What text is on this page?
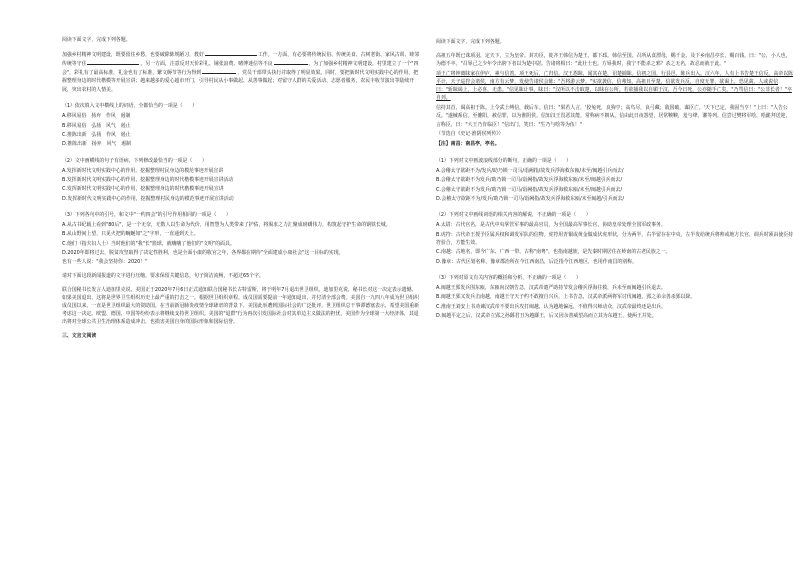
阅读下面文字，完成下列各题。

加强乡村精神文明建设，既要留住乡愁，也要破除陈规陋习，教好	工作。一方面，有必要将传统民俗、传统美食、古树老街、家风古训、睦邻传统等守住	。另一方面，注意反对天价彩礼、铺张浪费、赌博迷信等不良	。为了加强乡村精神文明建设，村里建立了一个"四会"，彩礼有了最高标准，礼金也有了标准，繁文缛节等行为得到	，党员干部带头执行并取得了明显效果。同时，要把新时代文明实践中心的作用，把握整理身边的时代楷模等开展宣讲；越来越多的爱心超市开门，引导村民从小事做起、从善事做起；对留守人群的关爱活动、志愿者服务、农民丰收节演出等陆续开展，突出农村的人情美。

（1）依次填入文中横线上的词语，全都恰当的一项是（　　）

A.移风易俗　扬弃　作风　遏制

B.移风易俗　弘扬　风气　遏止

C.推陈出新　弘扬　作风　遏止

D.推陈出新　扬弃　风气　遏制

（2）文中画横线的句子有语病，下列修改最恰当的一项是（　　）

A.发挥新时代文明实践中心的作用，挖掘整理村民身边的模范事迹开展宣讲

B.发挥新时代文明实践中心的作用，挖掘整理身边的时代楷模事迹开展宣讲活动

C.发挥新时代文明实践中心的作用，挖掘整理身边的时代楷模事迹开展宣讲

D.发挥新时代文明实践中心的作用，挖掘整理村民身边的模范事迹开展宣讲活动

（3）下列各句中的引号，和文中"一约四会"的引号作用相同的一项是（　　）

A.从古书纪载上看到"80后"，是一个无奈，无数人以生命为代价，用智慧为人类带来了护佑，将渴求之力汇聚成磅礴伟力，构筑起守护生命的钢铁长城。

B.从山野间上望，只见火把的蜿蜒如"之"字形，一直通到天上。

C.他们（指夫妇人士）当时他们的"我"长"篮球，就嚷嚷了他们的"文明"的面具。

D.2020年即将过去，脱贫攻坚取得了决定性胜利，也是全面小康的收官之年，各界都在期待"全面建成小康社会"这一目标的实现。

也有一些人说："我会坚持你：2020！"

请对下面这段新闻报道的文字进行压缩，要求保留关键信息，句子简洁流畅，不超过65个字。

联合国秘书长发言人迪加里克说，美国正于2020年7月6日正式通知联合国秘书长古特雷斯，将于明年7月退出世卫组织。迪加里克说，秘书长对这一决定表示遗憾。如果美国退出，这将是世界卫生组织历史上最严重的打击之一。根据世卫组织章程，成员国需要提前一年通知退出，并付清全部会费。美国自一九四八年成为世卫组织成员国以来，一直是世卫组织最大的资助国。在当前新冠肺炎疫情全球肆虐的背景下，美国此举遭到国际社会的广泛批评。世卫组织总干事谭德塞表示，希望美国重新考虑这一决定。欧盟、德国、中国等纷纷表示将继续支持世卫组织。美国的"退群"行为再次引发国际社会对其单边主义做法的担忧，美国作为全球第一大经济体，其退出将对全球公共卫生治理体系造成冲击，也损害美国自身的国际形象和国际信誉。

三、文言文阅读

阅读下面文字，完成下列各题。

高祖五年既已诛项羽，定天下，立为皇帝。封功臣，徙齐王韩信为楚王，都下邳。韩信至国，召所从食漂母，赐千金。及下乡南昌亭长，赐百钱，曰："公，小人也，为德不卒。"召辱己之少年令出胯下者以为楚中尉。告诸将相曰："此壮士也。方辱我时，我宁不能杀之邪？杀之无名，故忍而就于此。"

项王亡将钟离眜家在伊庐，素与信善。项王死后，亡归信。汉王怨眜，闻其在楚，诏楚捕眜。信初之国，行县邑，陈兵出入。汉六年，人有上书告楚王信反。高帝以陈平计，天子巡狩会诸侯，南方有云梦，发使告诸侯会陈："吾将游云梦。"实欲袭信，信弗知。高祖且至楚，信欲发兵反，自度无罪，欲谒上，恐见禽。人或说信曰："斩眜谒上，上必喜，无患。"信见眜计事。眜曰："汉所以不击取楚，以眜在公所。若欲捕我以自媚于汉，吾今日死，公亦随手亡矣。"乃骂信曰："公非长者！"卒自刭。

信持其首，谒高祖于陈。上令武士缚信，载后车。信曰："果若人言，'狡兔死，良狗亨；高鸟尽，良弓藏；敌国破，谋臣亡。'天下已定，我固当亨！"上曰："人告公反。"遂械系信。至雒阳，赦信罪，以为淮阴侯。信知汉王畏恶其能，常称病不朝从。信由此日夜怨望，居常鞅鞅，羞与绛、灌等列。信尝过樊将军哙，哙跪拜送迎，言称臣，曰："大王乃肯临臣！"信出门，笑曰："生乃与哙等为伍！"

（节选自《史记·淮阴侯列传》）

【注】南昌：南昌亭，亭名。

（1）下列对文中画波浪线部分的断句，正确的一项是（　　）

A.会稽太守欲距不为/发兵/助乃锁一司马/诣阙指/故发兵浮海救东瓯/未至/闽越引兵而去/

B.会稽太守欲距不为发兵/助乃锁一司马/诣阙指/故发兵浮海救东瓯/未至/闽越引兵而去/

C.会稽太守欲距不为发兵/助乃锁一司马/诣阙指/故发兵浮海救东瓯/未至/闽越引兵而去/

D.会稽太守欲距不为/发兵/助乃锁一司马/诣阙指/故发兵浮海救东瓯/未至闽越/引兵而去/

（2）下列对文中画线词语的相关内容的解说，不正确的一项是（　　）

A.太尉：古代官名，是古代中央掌管军事的最高官员，为全国最高军事长官，协助皇帝处理全国军政事务。

B.虎符：古代帝王授予臣属兵权和调发军队的信物。虎符用青铜或黄金做成伏虎形状，分为两半，右半留存在中央，左半发给统兵将帅或地方长官，调兵时须由使臣持符验合，方能生效。

C.南越：古地名，即今广东、广西一带，古称"南粤"，也指南越族，是先秦时期居住在岭南的古老民族之一。

D.豫章：古代区划名称，豫章郡治所在今江西南昌，后泛指今江西地区，也用作南昌的别称。

（3）下列对原文有关内容的概括和分析，不正确的一项是（　　）

A.闽越王郢发兵围东瓯，东瓯向汉朝告急，汉武帝遣严助持节发会稽兵浮海往救，兵未至而闽越引兵退去。

B.闽越王郢又发兵击南越，南越王守天子约不敢擅自兴兵，上书告急，汉武帝派两将军讨伐闽越，郢之弟余善杀郢以降。

C.淮南王刘安上书劝谏汉武帝不要出兵攻打闽越，认为越地偏远，不值得兴师动众，汉武帝最终还是出兵。

D.闽越平定之后，汉武帝立郢之孙繇君丑为越繇王，后又因余善威望高而立其为东越王，使两王并处。
